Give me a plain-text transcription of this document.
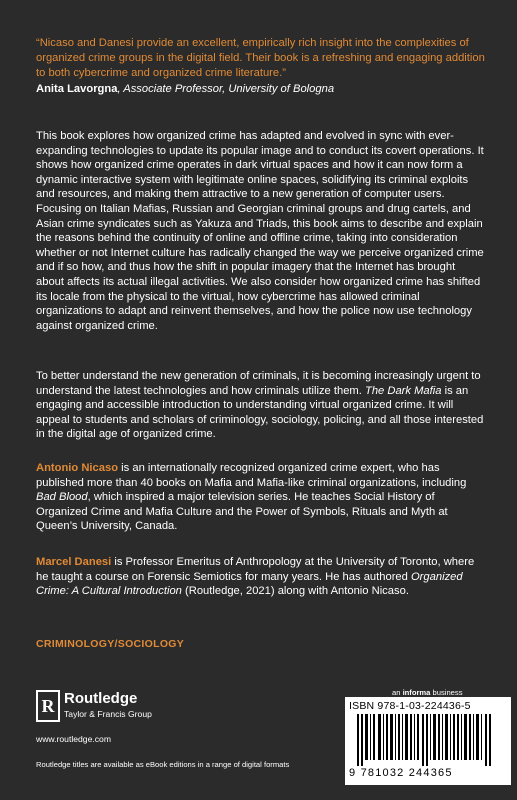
“Nicaso and Danesi provide an excellent, empirically rich insight into the complexities of organized crime groups in the digital field. Their book is a refreshing and engaging addition to both cybercrime and organized crime literature.”
Anita Lavorgna, Associate Professor, University of Bologna
This book explores how organized crime has adapted and evolved in sync with ever-expanding technologies to update its popular image and to conduct its covert operations. It shows how organized crime operates in dark virtual spaces and how it can now form a dynamic interactive system with legitimate online spaces, solidifying its criminal exploits and resources, and making them attractive to a new generation of computer users. Focusing on Italian Mafias, Russian and Georgian criminal groups and drug cartels, and Asian crime syndicates such as Yakuza and Triads, this book aims to describe and explain the reasons behind the continuity of online and offline crime, taking into consideration whether or not Internet culture has radically changed the way we perceive organized crime and if so how, and thus how the shift in popular imagery that the Internet has brought about affects its actual illegal activities. We also consider how organized crime has shifted its locale from the physical to the virtual, how cybercrime has allowed criminal organizations to adapt and reinvent themselves, and how the police now use technology against organized crime.
To better understand the new generation of criminals, it is becoming increasingly urgent to understand the latest technologies and how criminals utilize them. The Dark Mafia is an engaging and accessible introduction to understanding virtual organized crime. It will appeal to students and scholars of criminology, sociology, policing, and all those interested in the digital age of organized crime.
Antonio Nicaso is an internationally recognized organized crime expert, who has published more than 40 books on Mafia and Mafia-like criminal organizations, including Bad Blood, which inspired a major television series. He teaches Social History of Organized Crime and Mafia Culture and the Power of Symbols, Rituals and Myth at Queen’s University, Canada.
Marcel Danesi is Professor Emeritus of Anthropology at the University of Toronto, where he taught a course on Forensic Semiotics for many years. He has authored Organized Crime: A Cultural Introduction (Routledge, 2021) along with Antonio Nicaso.
CRIMINOLOGY/SOCIOLOGY
R Routledge
Taylor & Francis Group
www.routledge.com
Routledge titles are available as eBook editions in a range of digital formats
an informa business
ISBN 978-1-03-224436-5
9 781032 244365
